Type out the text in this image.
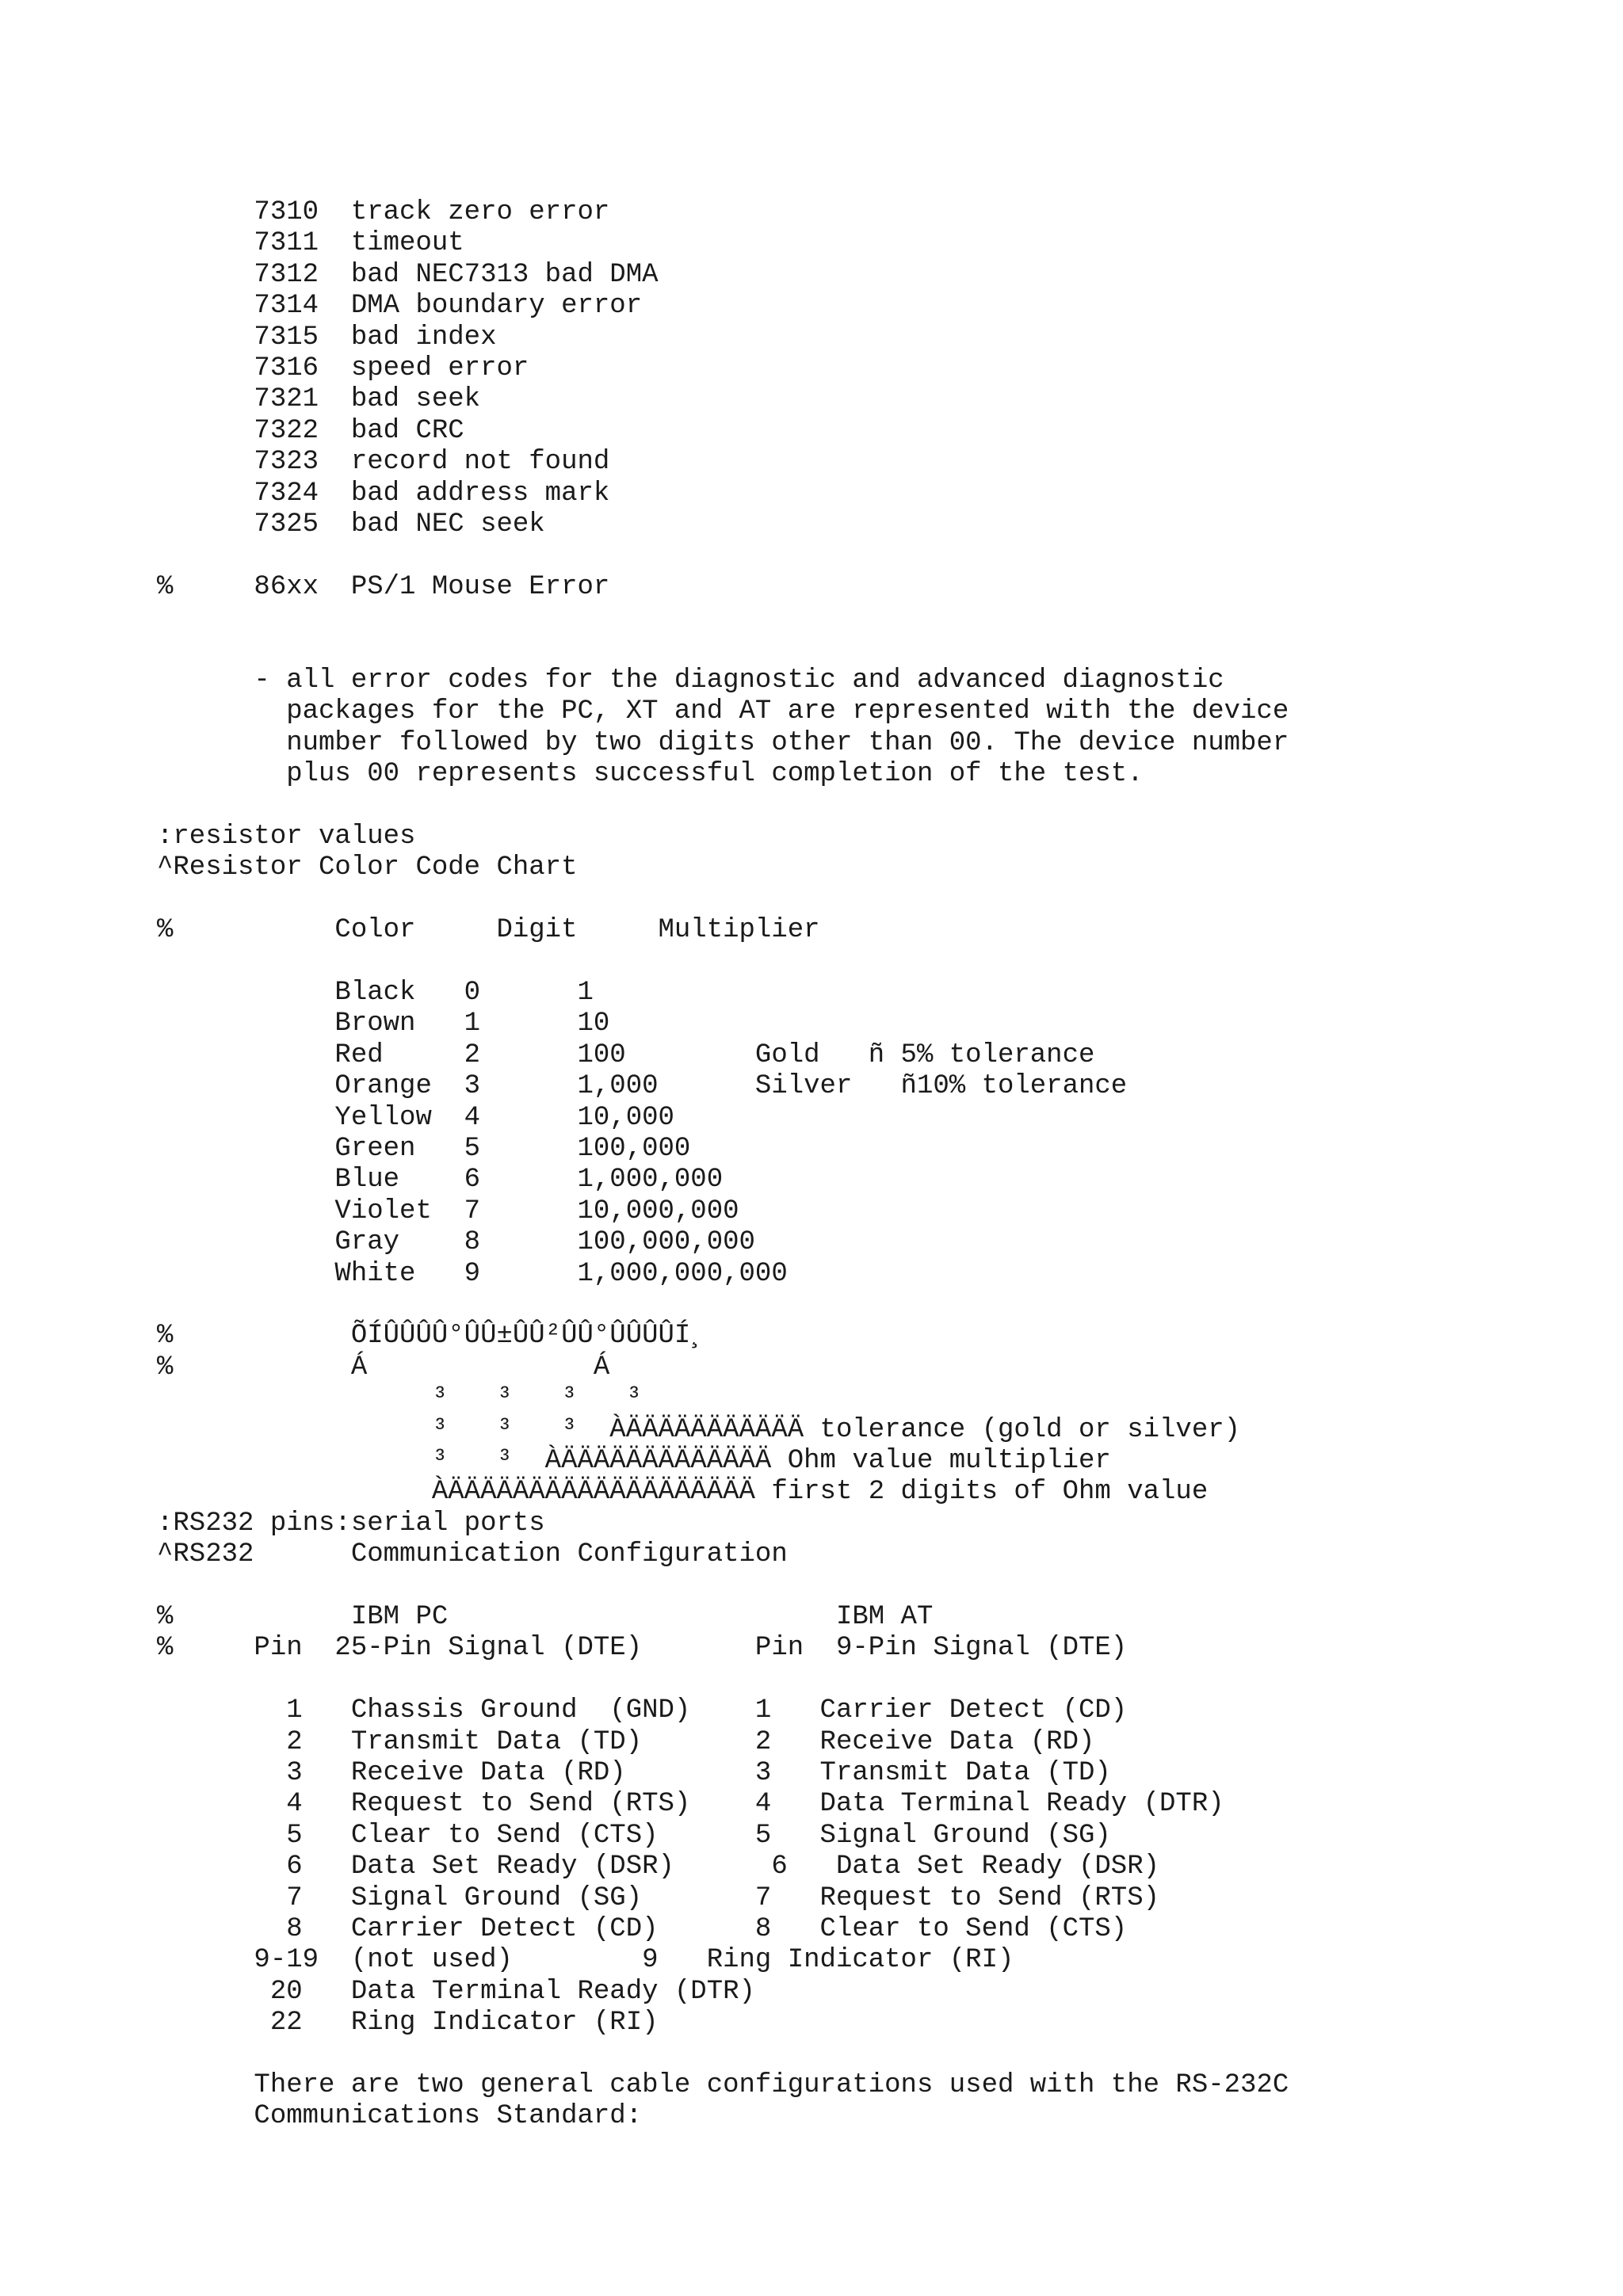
7310  track zero error
7311  timeout
7312  bad NEC7313 bad DMA
7314  DMA boundary error
7315  bad index
7316  speed error
7321  bad seek
7322  bad CRC
7323  record not found
7324  bad address mark
7325  bad NEC seek
%     86xx  PS/1 Mouse Error
- all error codes for the diagnostic and advanced diagnostic
packages for the PC, XT and AT are represented with the device
number followed by two digits other than 00. The device number
plus 00 represents successful completion of the test.
:resistor values
^Resistor Color Code Chart
%          Color     Digit     Multiplier
Black   0      1
Brown   1      10
Red     2      100        Gold   ñ 5% tolerance
Orange  3      1,000      Silver   ñ10% tolerance
Yellow  4      10,000
Green   5      100,000
Blue    6      1,000,000
Violet  7      10,000,000
Gray    8      100,000,000
White   9      1,000,000,000
%           ÕÍÛÛÛÛ°ÛÛ±ÛÛ²ÛÛ°ÛÛÛÛÍ¸
%           Á              Á
³   ³   ³   ³
³   ³   ³  ÀÄÄÄÄÄÄÄÄÄÄÄ tolerance (gold or silver)
³   ³  ÀÄÄÄÄÄÄÄÄÄÄÄÄÄ Ohm value multiplier
ÀÄÄÄÄÄÄÄÄÄÄÄÄÄÄÄÄÄÄÄ first 2 digits of Ohm value
:RS232 pins:serial ports
^RS232      Communication Configuration
%           IBM PC                        IBM AT
%     Pin  25-Pin Signal (DTE)       Pin  9-Pin Signal (DTE)
1   Chassis Ground  (GND)    1   Carrier Detect (CD)
2   Transmit Data (TD)       2   Receive Data (RD)
3   Receive Data (RD)        3   Transmit Data (TD)
4   Request to Send (RTS)    4   Data Terminal Ready (DTR)
5   Clear to Send (CTS)      5   Signal Ground (SG)
6   Data Set Ready (DSR)      6   Data Set Ready (DSR)
7   Signal Ground (SG)       7   Request to Send (RTS)
8   Carrier Detect (CD)      8   Clear to Send (CTS)
9-19  (not used)        9   Ring Indicator (RI)
20   Data Terminal Ready (DTR)
22   Ring Indicator (RI)
There are two general cable configurations used with the RS-232C
Communications Standard:
